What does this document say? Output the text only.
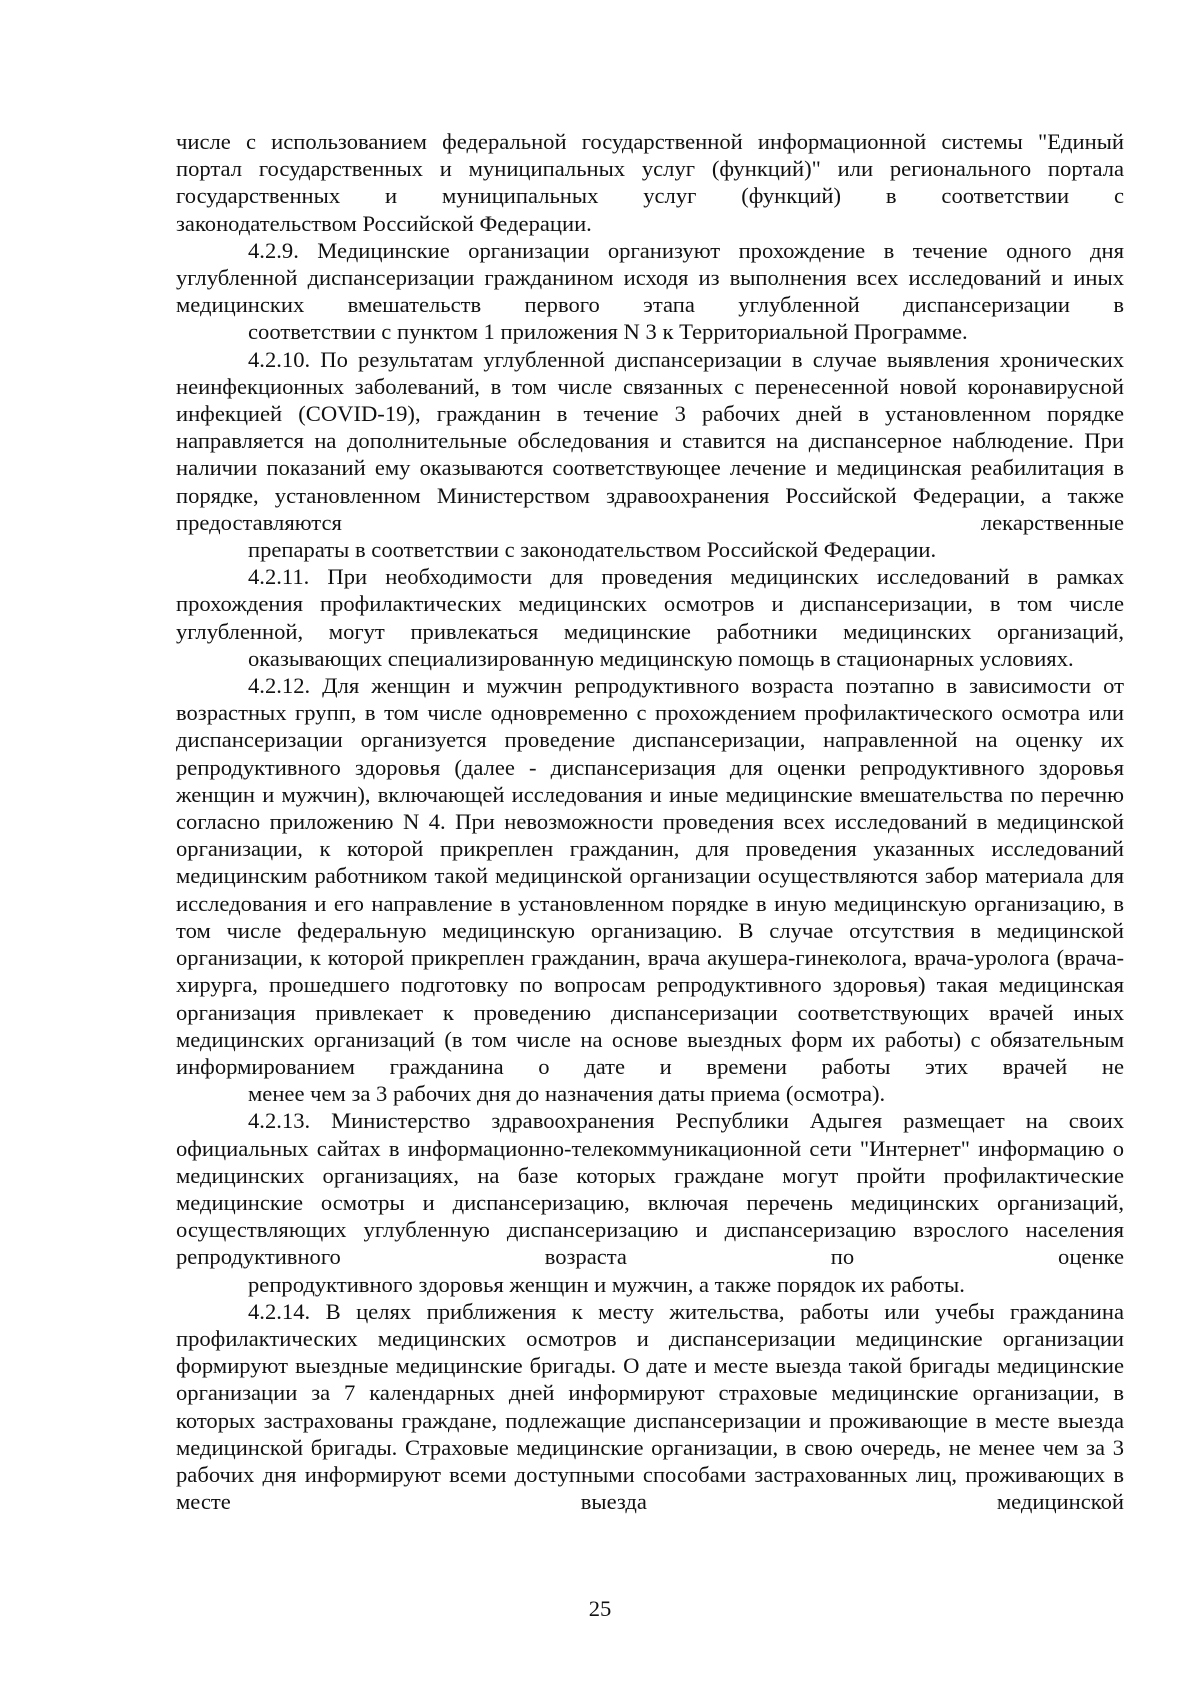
числе с использованием федеральной государственной информационной системы "Единый портал государственных и муниципальных услуг (функций)" или регионального портала государственных и муниципальных услуг (функций) в соответствии с
законодательством Российской Федерации.

4.2.9. Медицинские организации организуют прохождение в течение одного дня углубленной диспансеризации гражданином исходя из выполнения всех исследований и иных медицинских вмешательств первого этапа углубленной диспансеризации в
соответствии с пунктом 1 приложения N 3 к Территориальной Программе.

4.2.10. По результатам углубленной диспансеризации в случае выявления хронических неинфекционных заболеваний, в том числе связанных с перенесенной новой коронавирусной инфекцией (COVID-19), гражданин в течение 3 рабочих дней в установленном порядке направляется на дополнительные обследования и ставится на диспансерное наблюдение. При наличии показаний ему оказываются соответствующее лечение и медицинская реабилитация в порядке, установленном Министерством здравоохранения Российской Федерации, а также предоставляются лекарственные
препараты в соответствии с законодательством Российской Федерации.

4.2.11. При необходимости для проведения медицинских исследований в рамках прохождения профилактических медицинских осмотров и диспансеризации, в том числе углубленной, могут привлекаться медицинские работники медицинских организаций,
оказывающих специализированную медицинскую помощь в стационарных условиях.

4.2.12. Для женщин и мужчин репродуктивного возраста поэтапно в зависимости от возрастных групп, в том числе одновременно с прохождением профилактического осмотра или диспансеризации организуется проведение диспансеризации, направленной на оценку их репродуктивного здоровья (далее - диспансеризация для оценки репродуктивного здоровья женщин и мужчин), включающей исследования и иные медицинские вмешательства по перечню согласно приложению N 4. При невозможности проведения всех исследований в медицинской организации, к которой прикреплен гражданин, для проведения указанных исследований медицинским работником такой медицинской организации осуществляются забор материала для исследования и его направление в установленном порядке в иную медицинскую организацию, в том числе федеральную медицинскую организацию. В случае отсутствия в медицинской организации, к которой прикреплен гражданин, врача акушера-гинеколога, врача-уролога (врача-хирурга, прошедшего подготовку по вопросам репродуктивного здоровья) такая медицинская организация привлекает к проведению диспансеризации соответствующих врачей иных медицинских организаций (в том числе на основе выездных форм их работы) с обязательным информированием гражданина о дате и времени работы этих врачей не
менее чем за 3 рабочих дня до назначения даты приема (осмотра).

4.2.13. Министерство здравоохранения Республики Адыгея размещает на своих официальных сайтах в информационно-телекоммуникационной сети "Интернет" информацию о медицинских организациях, на базе которых граждане могут пройти профилактические медицинские осмотры и диспансеризацию, включая перечень медицинских организаций, осуществляющих углубленную диспансеризацию и диспансеризацию взрослого населения репродуктивного возраста по оценке
репродуктивного здоровья женщин и мужчин, а также порядок их работы.

4.2.14. В целях приближения к месту жительства, работы или учебы гражданина профилактических медицинских осмотров и диспансеризации медицинские организации формируют выездные медицинские бригады. О дате и месте выезда такой бригады медицинские организации за 7 календарных дней информируют страховые медицинские организации, в которых застрахованы граждане, подлежащие диспансеризации и проживающие в месте выезда медицинской бригады. Страховые медицинские организации, в свою очередь, не менее чем за 3 рабочих дня информируют всеми доступными способами застрахованных лиц, проживающих в месте выезда медицинской

25
